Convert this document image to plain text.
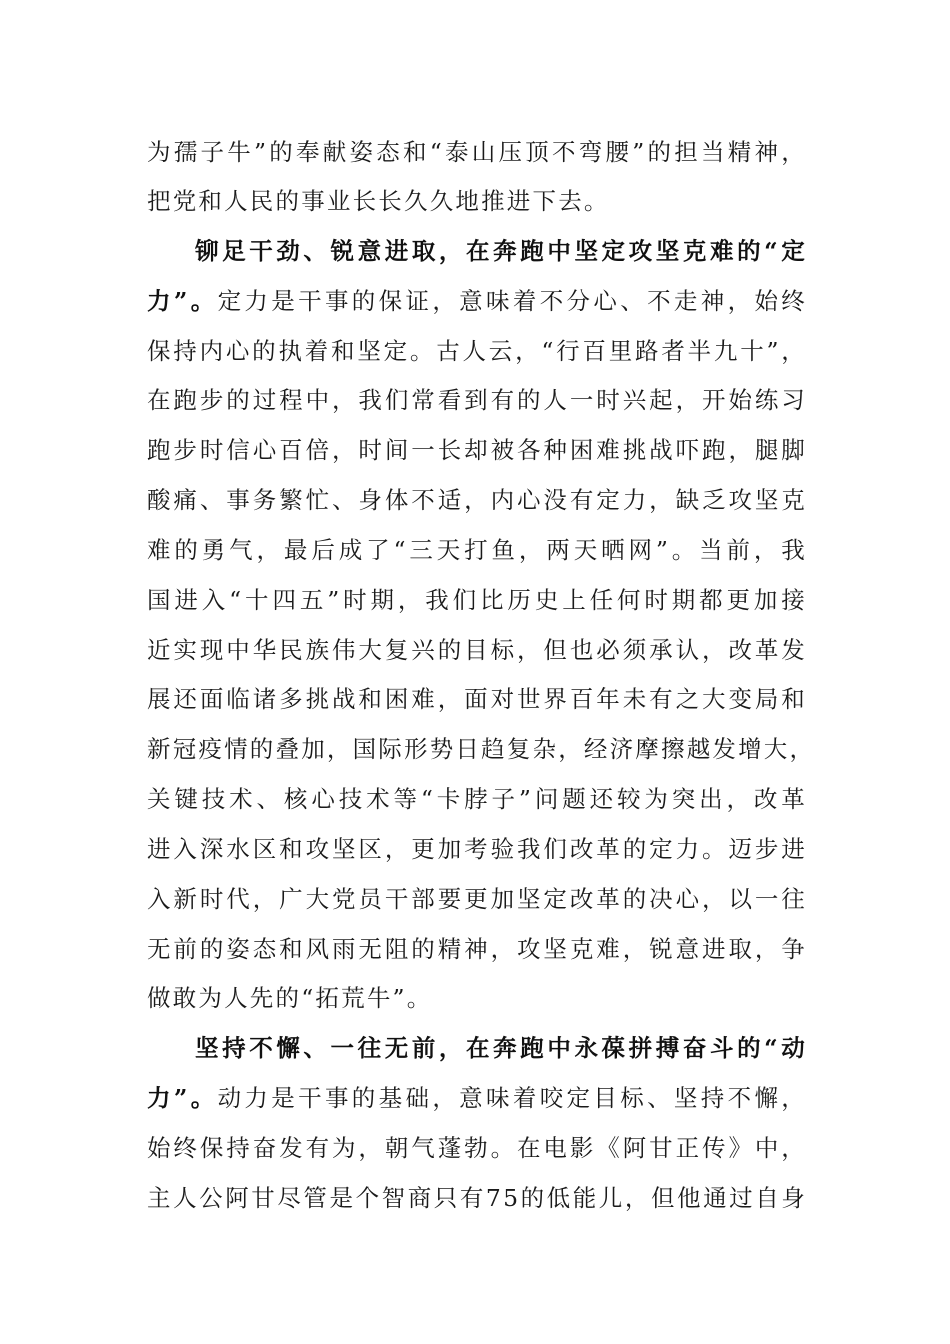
为孺子牛”的奉献姿态和“泰山压顶不弯腰”的担当精神，
把党和人民的事业长长久久地推进下去。
铆足干劲、锐意进取，在奔跑中坚定攻坚克难的“定
力”。定力是干事的保证，意味着不分心、不走神，始终
保持内心的执着和坚定。古人云，“行百里路者半九十”，
在跑步的过程中，我们常看到有的人一时兴起，开始练习
跑步时信心百倍，时间一长却被各种困难挑战吓跑，腿脚
酸痛、事务繁忙、身体不适，内心没有定力，缺乏攻坚克
难的勇气，最后成了“三天打鱼，两天晒网”。当前，我
国进入“十四五”时期，我们比历史上任何时期都更加接
近实现中华民族伟大复兴的目标，但也必须承认，改革发
展还面临诸多挑战和困难，面对世界百年未有之大变局和
新冠疫情的叠加，国际形势日趋复杂，经济摩擦越发增大，
关键技术、核心技术等“卡脖子”问题还较为突出，改革
进入深水区和攻坚区，更加考验我们改革的定力。迈步进
入新时代，广大党员干部要更加坚定改革的决心，以一往
无前的姿态和风雨无阻的精神，攻坚克难，锐意进取，争
做敢为人先的“拓荒牛”。
坚持不懈、一往无前，在奔跑中永葆拼搏奋斗的“动
力”。动力是干事的基础，意味着咬定目标、坚持不懈，
始终保持奋发有为，朝气蓬勃。在电影《阿甘正传》中，
主人公阿甘尽管是个智商只有75的低能儿，但他通过自身
